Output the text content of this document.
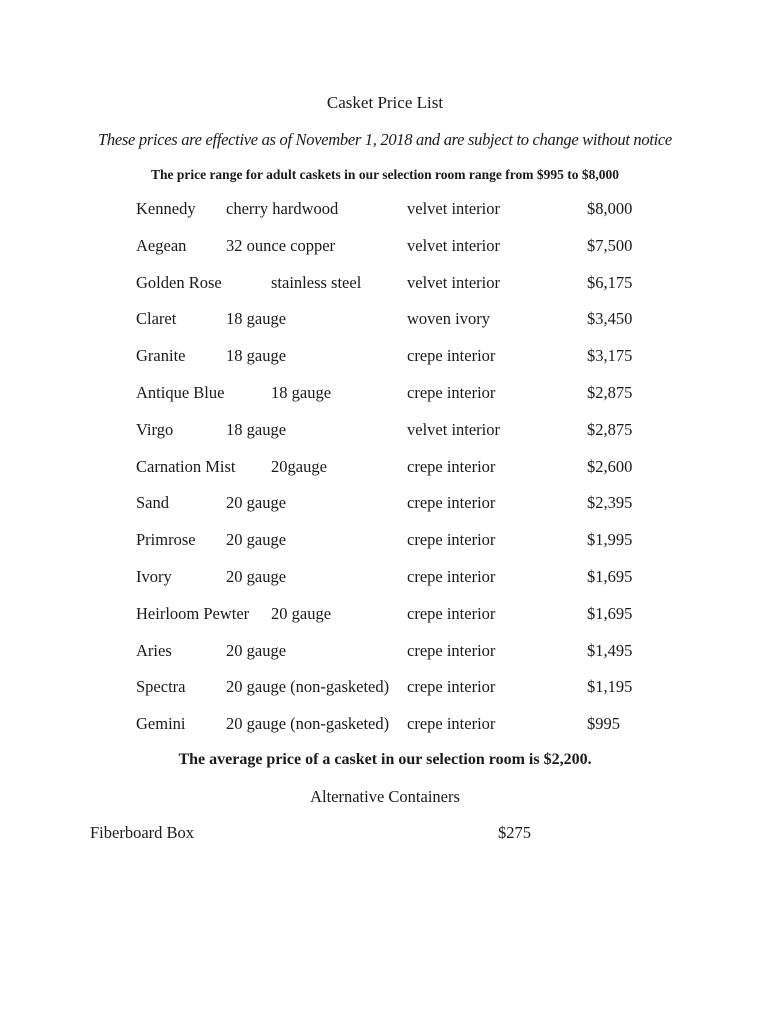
Casket Price List
These prices are effective as of November 1, 2018 and are subject to change without notice
The price range for adult caskets in our selection room range from $995 to $8,000
Kennedy cherry hardwood	velvet interior	$8,000
Aegean 32 ounce copper	velvet interior	$7,500
Golden Rose	stainless steel	velvet interior	$6,175
Claret	18 gauge	woven ivory	$3,450
Granite 18 gauge	crepe interior	$3,175
Antique Blue	18 gauge	crepe interior	$2,875
Virgo	18 gauge	velvet interior	$2,875
Carnation Mist 20gauge	crepe interior	$2,600
Sand	20 gauge	crepe interior	$2,395
Primrose 20 gauge	crepe interior	$1,995
Ivory	20 gauge	crepe interior	$1,695
Heirloom Pewter 20 gauge	crepe interior	$1,695
Aries	20 gauge	crepe interior	$1,495
Spectra 20 gauge (non-gasketed) crepe interior	$1,195
Gemini 20 gauge (non-gasketed) crepe interior	$995
The average price of a casket in our selection room is $2,200.
Alternative Containers
Fiberboard Box	$275
